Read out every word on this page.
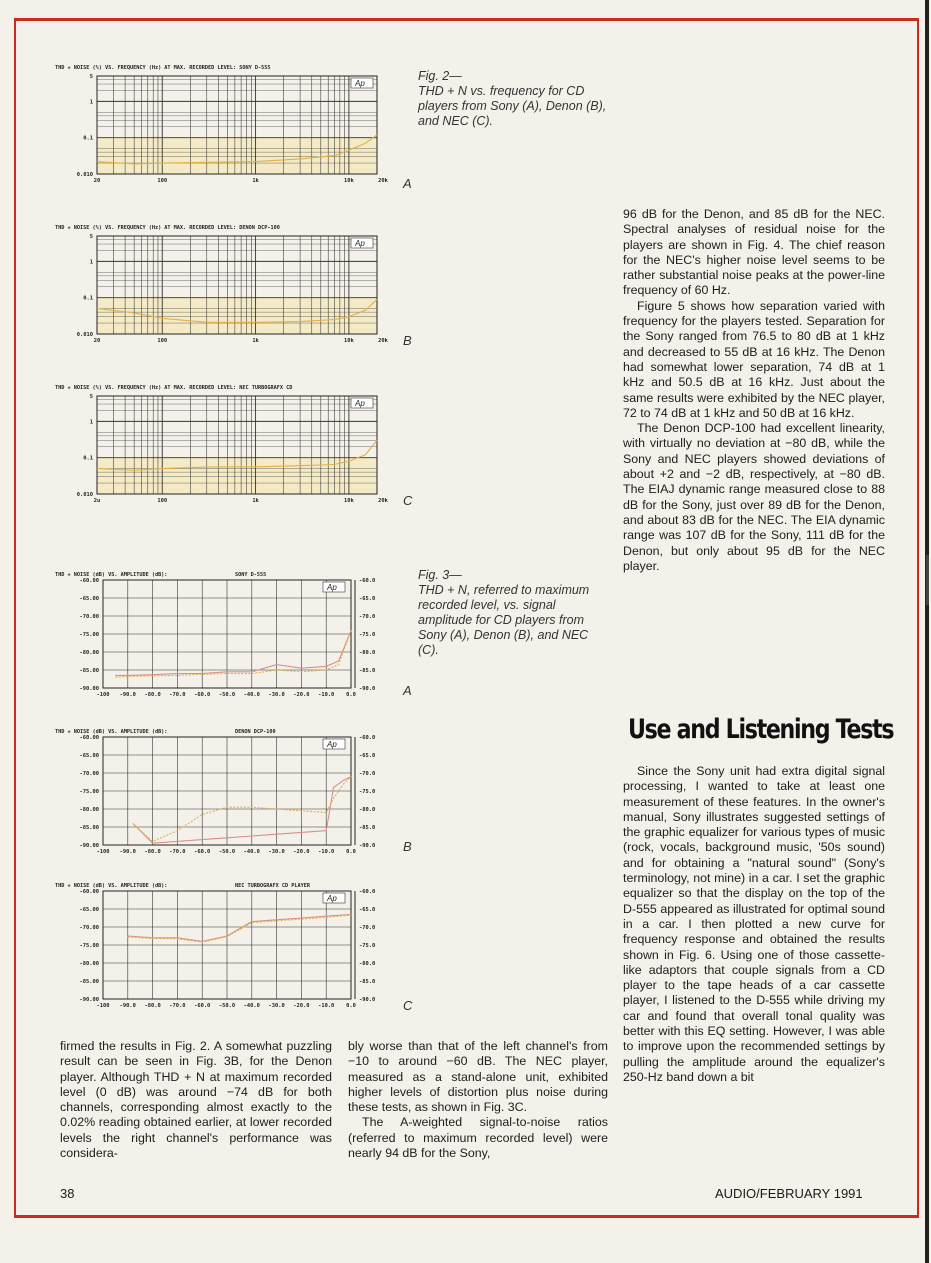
THD + NOISE (%) VS. FREQUENCY (Hz) AT MAX. RECORDED LEVEL: SONY D-555
Ap
5
1
0.1
0.010
20	100	1k	10k	20k
THD + NOISE (%) VS. FREQUENCY (Hz) AT MAX. RECORDED LEVEL: DENON DCP-100
Ap
5
1
0.1
0.010
20	100	1k	10k	20k
THD + NOISE (%) VS. FREQUENCY (Hz) AT MAX. RECORDED LEVEL: NEC TURBOGRAFX CD
Ap
5
1
0.1
0.010
2u	100	1k	10k	20k
THD + NOISE (dB) VS. AMPLITUDE (dB):	SONY D-555
Ap
-60.00
-65.00
-70.00
-75.00
-80.00
-85.00
-90.00
-60.0
-65.0
-70.0
-75.0
-80.0
-85.0
-90.0
-100 -90.0 -80.0 -70.0 -60.0 -50.0 -40.0 -30.0 -20.0 -10.0 0.0
THD + NOISE (dB) VS. AMPLITUDE (dB):	DENON DCP-100
Ap
-60.00
-65.00
-70.00
-75.00
-80.00
-85.00
-90.00
-60.0
-65.0
-70.0
-75.0
-80.0
-85.0
-90.0
-100 -90.0 -80.0 -70.0 -60.0 -50.0 -40.0 -30.0 -20.0 -10.0 0.0
THD + NOISE (dB) VS. AMPLITUDE (dB):	NEC TURBOGRAFX CD PLAYER
Ap
-60.00
-65.00
-70.00
-75.00
-80.00
-85.00
-90.00
-60.0
-65.0
-70.0
-75.0
-80.0
-85.0
-90.0
-100 -90.0 -80.0 -70.0 -60.0 -50.0 -40.0 -30.0 -20.0 -10.0 0.0
A
B
C
A
B
C
Fig. 2—
THD + N vs. frequency for CD players from Sony (A), Denon (B), and NEC (C).
Fig. 3—
THD + N, referred to maximum recorded level, vs. signal amplitude for CD players from Sony (A), Denon (B), and NEC (C).

firmed the results in Fig. 2. A somewhat puzzling result can be seen in Fig. 3B, for the Denon player. Although THD + N at maximum recorded level (0 dB) was around −74 dB for both channels, corresponding almost exactly to the 0.02% reading obtained earlier, at lower recorded levels the right channel's performance was considera-

bly worse than that of the left channel's from −10 to around −60 dB. The NEC player, measured as a stand-alone unit, exhibited higher levels of distortion plus noise during these tests, as shown in Fig. 3C.

The A-weighted signal-to-noise ratios (referred to maximum recorded level) were nearly 94 dB for the Sony,

96 dB for the Denon, and 85 dB for the NEC. Spectral analyses of residual noise for the players are shown in Fig. 4. The chief reason for the NEC's higher noise level seems to be rather substantial noise peaks at the power-line frequency of 60 Hz.

Figure 5 shows how separation varied with frequency for the players tested. Separation for the Sony ranged from 76.5 to 80 dB at 1 kHz and decreased to 55 dB at 16 kHz. The Denon had somewhat lower separation, 74 dB at 1 kHz and 50.5 dB at 16 kHz. Just about the same results were exhibited by the NEC player, 72 to 74 dB at 1 kHz and 50 dB at 16 kHz.

The Denon DCP-100 had excellent linearity, with virtually no deviation at −80 dB, while the Sony and NEC players showed deviations of about +2 and −2 dB, respectively, at −80 dB. The EIAJ dynamic range measured close to 88 dB for the Sony, just over 89 dB for the Denon, and about 83 dB for the NEC. The EIA dynamic range was 107 dB for the Sony, 111 dB for the Denon, but only about 95 dB for the NEC player.

Use and Listening Tests

Since the Sony unit had extra digital signal processing, I wanted to take at least one measurement of these features. In the owner's manual, Sony illustrates suggested settings of the graphic equalizer for various types of music (rock, vocals, background music, '50s sound) and for obtaining a "natural sound" (Sony's terminology, not mine) in a car. I set the graphic equalizer so that the display on the top of the D-555 appeared as illustrated for optimal sound in a car. I then plotted a new curve for frequency response and obtained the results shown in Fig. 6. Using one of those cassette-like adaptors that couple signals from a CD player to the tape heads of a car cassette player, I listened to the D-555 while driving my car and found that overall tonal quality was better with this EQ setting. However, I was able to improve upon the recommended settings by pulling the amplitude around the equalizer's 250-Hz band down a bit

38	AUDIO/FEBRUARY 1991
